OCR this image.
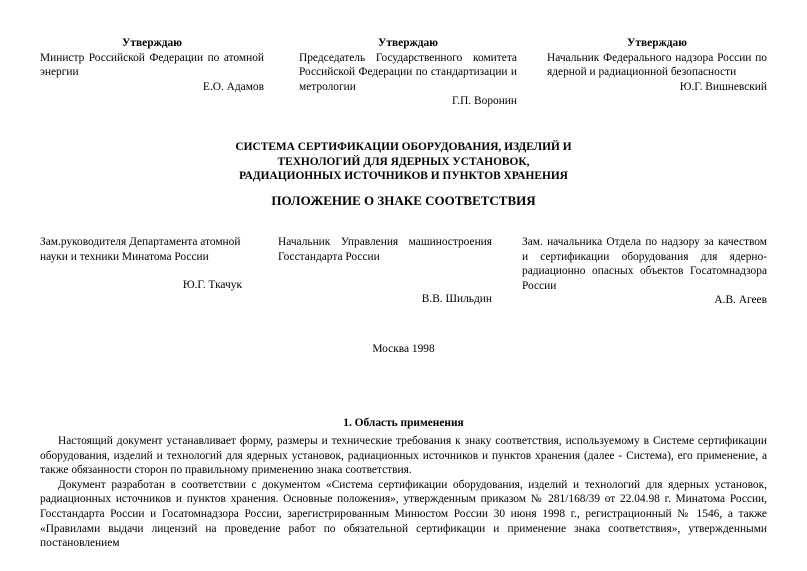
Утверждаю

Министр Российской Федерации по атомной энергии

Е.О. Адамов

Утверждаю

Председатель Государственного комитета Российской Федерации по стандартизации и метрологии

Г.П. Воронин

Утверждаю

Начальник Федерального надзора России по ядерной и радиационной безопасности

Ю.Г. Вишневский

СИСТЕМА СЕРТИФИКАЦИИ ОБОРУДОВАНИЯ, ИЗДЕЛИЙ И

ТЕХНОЛОГИЙ ДЛЯ ЯДЕРНЫХ УСТАНОВОК,

РАДИАЦИОННЫХ ИСТОЧНИКОВ И ПУНКТОВ ХРАНЕНИЯ

ПОЛОЖЕНИЕ О ЗНАКЕ СООТВЕТСТВИЯ

Зам.руководителя Департамента атомной науки и техники Минатома России

Ю.Г. Ткачук

Начальник Управления машиностроения Госстандарта России

В.В. Шильдин

Зам. начальника Отдела по надзору за качеством и сертификации оборудования для ядерно- радиационно опасных объектов Госатомнадзора России

А.В. Агеев

Москва 1998

1. Область применения

Настоящий документ устанавливает форму, размеры и технические требования к знаку соответствия, используемому в Системе сертификации оборудования, изделий и технологий для ядерных установок, радиационных источников и пунктов хранения (далее - Система), его применение, а также обязанности сторон по правильному применению знака соответствия.

Документ разработан в соответствии с документом «Система сертификации оборудования, изделий и технологий для ядерных установок, радиационных источников и пунктов хранения. Основные положения», утвержденным приказом № 281/168/39 от 22.04.98 г. Минатома России, Госстандарта России и Госатомнадзора России, зарегистрированным Минюстом России 30 июня 1998 г., регистрационный № 1546, а также «Правилами выдачи лицензий на проведение работ по обязательной сертификации и применение знака соответствия», утвержденными постановлением
